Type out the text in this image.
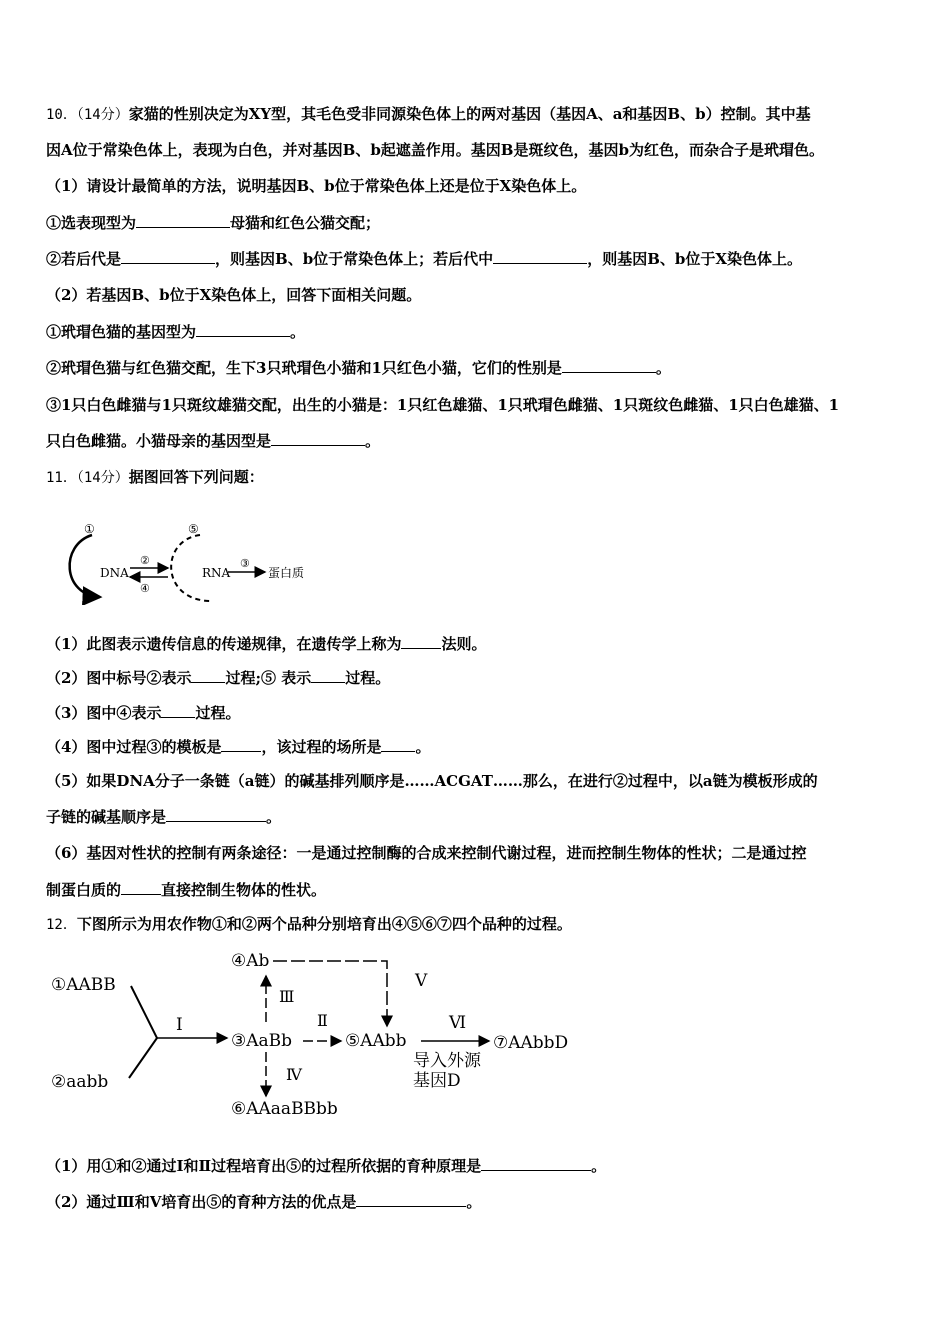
10．（14分）家猫的性别决定为XY型，其毛色受非同源染色体上的两对基因（基因A、a和基因B、b）控制。其中基
因A位于常染色体上，表现为白色，并对基因B、b起遮盖作用。基因B是斑纹色，基因b为红色，而杂合子是玳瑁色。
（1）请设计最简单的方法，说明基因B、b位于常染色体上还是位于X染色体上。
①选表现型为	母猫和红色公猫交配；
②若后代是	，则基因B、b位于常染色体上；若后代中	，则基因B、b位于X染色体上。
（2）若基因B、b位于X染色体上，回答下面相关问题。
①玳瑁色猫的基因型为	。
②玳瑁色猫与红色猫交配，生下3只玳瑁色小猫和1只红色小猫，它们的性别是	。
③1只白色雌猫与1只斑纹雄猫交配，出生的小猫是：1只红色雄猫、1只玳瑁色雌猫、1只斑纹色雌猫、1只白色雄猫、1
只白色雌猫。小猫母亲的基因型是	。
11．（14分）据图回答下列问题：
①
DNA
②
④
⑤
RNA
③
蛋白质
（1）此图表示遗传信息的传递规律，在遗传学上称为	法则。
（2）图中标号②表示 过程;⑤ 表示 过程。
（3）图中④表示 过程。
（4）图中过程③的模板是	，该过程的场所是 。
（5）如果DNA分子一条链（a链）的碱基排列顺序是……ACGAT……那么，在进行②过程中，以a链为模板形成的
子链的碱基顺序是	。
（6）基因对性状的控制有两条途径：一是通过控制酶的合成来控制代谢过程，进而控制生物体的性状；二是通过控
制蛋白质的	直接控制生物体的性状。
12．下图所示为用农作物①和②两个品种分别培育出④⑤⑥⑦四个品种的过程。
①AABB
②aabb
④Ab
③AaBb
⑥AAaaBBbb
⑤AAbb	⑦AAbbD
Ⅰ
Ⅲ
Ⅳ
Ⅱ
Ⅴ
Ⅵ
导入外源
基因D
（1）用①和②通过Ⅰ和Ⅱ过程培育出⑤的过程所依据的育种原理是	。
（2）通过Ⅲ和Ⅴ培育出⑤的育种方法的优点是	。
